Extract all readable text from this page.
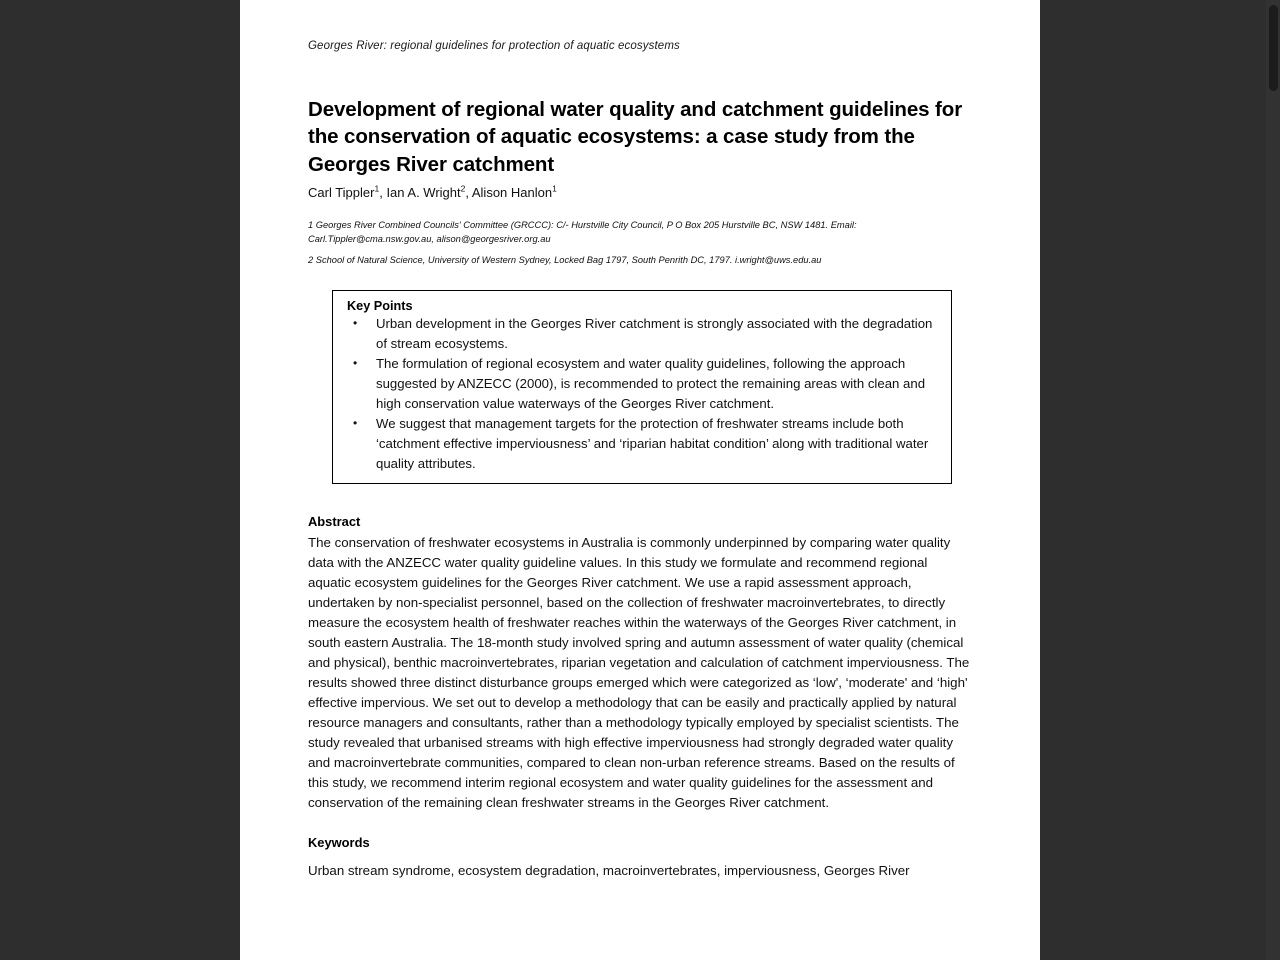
Georges River: regional guidelines for protection of aquatic ecosystems
Development of regional water quality and catchment guidelines for the conservation of aquatic ecosystems: a case study from the Georges River catchment

Carl Tippler$^1$, Ian A. Wright$^2$, Alison Hanlon$^1$

1 Georges River Combined Councils' Committee (GRCCC): C/- Hurstville City Council, P O Box 205 Hurstville BC, NSW 1481. Email: Carl.Tippler@cma.nsw.gov.au, alison@georgesriver.org.au

2 School of Natural Science, University of Western Sydney, Locked Bag 1797, South Penrith DC, 1797. i.wright@uws.edu.au

Key Points
• Urban development in the Georges River catchment is strongly associated with the degradation of stream ecosystems.
• The formulation of regional ecosystem and water quality guidelines, following the approach suggested by ANZECC (2000), is recommended to protect the remaining areas with clean and high conservation value waterways of the Georges River catchment.
• We suggest that management targets for the protection of freshwater streams include both ‘catchment effective imperviousness’ and ‘riparian habitat condition’ along with traditional water quality attributes.
Abstract

The conservation of freshwater ecosystems in Australia is commonly underpinned by comparing water quality data with the ANZECC water quality guideline values. In this study we formulate and recommend regional aquatic ecosystem guidelines for the Georges River catchment. We use a rapid assessment approach, undertaken by non-specialist personnel, based on the collection of freshwater macroinvertebrates, to directly measure the ecosystem health of freshwater reaches within the waterways of the Georges River catchment, in south eastern Australia. The 18-month study involved spring and autumn assessment of water quality (chemical and physical), benthic macroinvertebrates, riparian vegetation and calculation of catchment imperviousness. The results showed three distinct disturbance groups emerged which were categorized as ‘low', ‘moderate' and ‘high' effective impervious. We set out to develop a methodology that can be easily and practically applied by natural resource managers and consultants, rather than a methodology typically employed by specialist scientists. The study revealed that urbanised streams with high effective imperviousness had strongly degraded water quality and macroinvertebrate communities, compared to clean non-urban reference streams. Based on the results of this study, we recommend interim regional ecosystem and water quality guidelines for the assessment and conservation of the remaining clean freshwater streams in the Georges River catchment.

Keywords

Urban stream syndrome, ecosystem degradation, macroinvertebrates, imperviousness, Georges River
